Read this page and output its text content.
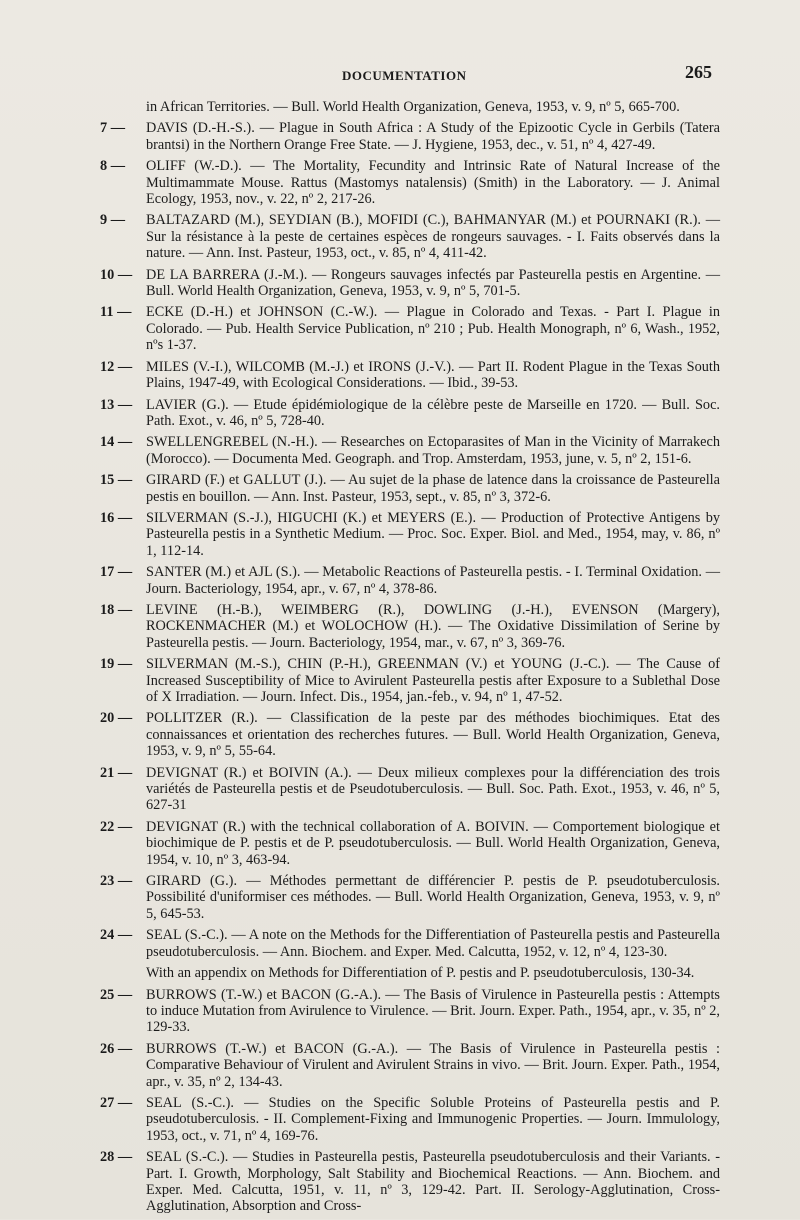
DOCUMENTATION	265
in African Territories. — Bull. World Health Organization, Geneva, 1953, v. 9, nº 5, 665-700.
7 —	DAVIS (D.-H.-S.). — Plague in South Africa : A Study of the Epizootic Cycle in Gerbils (Tatera brantsi) in the Northern Orange Free State. — J. Hygiene, 1953, dec., v. 51, nº 4, 427-49.
8 —	OLIFF (W.-D.). — The Mortality, Fecundity and Intrinsic Rate of Natural Increase of the Multimammate Mouse. Rattus (Mastomys natalensis) (Smith) in the Laboratory. — J. Animal Ecology, 1953, nov., v. 22, nº 2, 217-26.
9 —	BALTAZARD (M.), SEYDIAN (B.), MOFIDI (C.), BAHMANYAR (M.) et POURNAKI (R.). — Sur la résistance à la peste de certaines espèces de rongeurs sauvages. - I. Faits observés dans la nature. — Ann. Inst. Pasteur, 1953, oct., v. 85, nº 4, 411-42.
10 — DE LA BARRERA (J.-M.). — Rongeurs sauvages infectés par Pasteurella pestis en Argentine. — Bull. World Health Organization, Geneva, 1953, v. 9, nº 5, 701-5.
11 —	ECKE (D.-H.) et JOHNSON (C.-W.). — Plague in Colorado and Texas. - Part I. Plague in Colorado. — Pub. Health Service Publication, nº 210 ; Pub. Health Monograph, nº 6, Wash., 1952, nºs 1-37.
12 — MILES (V.-I.), WILCOMB (M.-J.) et IRONS (J.-V.). — Part II. Rodent Plague in the Texas South Plains, 1947-49, with Ecological Considerations. — Ibid., 39-53.
13 — LAVIER (G.). — Etude épidémiologique de la célèbre peste de Marseille en 1720. — Bull. Soc. Path. Exot., v. 46, nº 5, 728-40.
14 — SWELLENGREBEL (N.-H.). — Researches on Ectoparasites of Man in the Vicinity of Marrakech (Morocco). — Documenta Med. Geograph. and Trop. Amsterdam, 1953, june, v. 5, nº 2, 151-6.
15 — GIRARD (F.) et GALLUT (J.). — Au sujet de la phase de latence dans la croissance de Pasteurella pestis en bouillon. — Ann. Inst. Pasteur, 1953, sept., v. 85, nº 3, 372-6.
16 — SILVERMAN (S.-J.), HIGUCHI (K.) et MEYERS (E.). — Production of Protective Antigens by Pasteurella pestis in a Synthetic Medium. — Proc. Soc. Exper. Biol. and Med., 1954, may, v. 86, nº 1, 112-14.
17 — SANTER (M.) et AJL (S.). — Metabolic Reactions of Pasteurella pestis. - I. Terminal Oxidation. — Journ. Bacteriology, 1954, apr., v. 67, nº 4, 378-86.
18 — LEVINE (H.-B.), WEIMBERG (R.), DOWLING (J.-H.), EVENSON (Margery), ROCKENMACHER (M.) et WOLOCHOW (H.). — The Oxidative Dissimilation of Serine by Pasteurella pestis. — Journ. Bacteriology, 1954, mar., v. 67, nº 3, 369-76.
19 — SILVERMAN (M.-S.), CHIN (P.-H.), GREENMAN (V.) et YOUNG (J.-C.). — The Cause of Increased Susceptibility of Mice to Avirulent Pasteurella pestis after Exposure to a Sublethal Dose of X Irradiation. — Journ. Infect. Dis., 1954, jan.-feb., v. 94, nº 1, 47-52.
20 — POLLITZER (R.). — Classification de la peste par des méthodes biochimiques. Etat des connaissances et orientation des recherches futures. — Bull. World Health Organization, Geneva, 1953, v. 9, nº 5, 55-64.
21 — DEVIGNAT (R.) et BOIVIN (A.). — Deux milieux complexes pour la différenciation des trois variétés de Pasteurella pestis et de Pseudotuberculosis. — Bull. Soc. Path. Exot., 1953, v. 46, nº 5, 627-31
22 — DEVIGNAT (R.) with the technical collaboration of A. BOIVIN. — Comportement biologique et biochimique de P. pestis et de P. pseudotuberculosis. — Bull. World Health Organization, Geneva, 1954, v. 10, nº 3, 463-94.
23 — GIRARD (G.). — Méthodes permettant de différencier P. pestis de P. pseudotuberculosis. Possibilité d'uniformiser ces méthodes. — Bull. World Health Organization, Geneva, 1953, v. 9, nº 5, 645-53.
24 — SEAL (S.-C.). — A note on the Methods for the Differentiation of Pasteurella pestis and Pasteurella pseudotuberculosis. — Ann. Biochem. and Exper. Med. Calcutta, 1952, v. 12, nº 4, 123-30.
With an appendix on Methods for Differentiation of P. pestis and P. pseudotuberculosis, 130-34.
25 — BURROWS (T.-W.) et BACON (G.-A.). — The Basis of Virulence in Pasteurella pestis : Attempts to induce Mutation from Avirulence to Virulence. — Brit. Journ. Exper. Path., 1954, apr., v. 35, nº 2, 129-33.
26 — BURROWS (T.-W.) et BACON (G.-A.). — The Basis of Virulence in Pasteurella pestis : Comparative Behaviour of Virulent and Avirulent Strains in vivo. — Brit. Journ. Exper. Path., 1954, apr., v. 35, nº 2, 134-43.
27 — SEAL (S.-C.). — Studies on the Specific Soluble Proteins of Pasteurella pestis and P. pseudotuberculosis. - II. Complement-Fixing and Immunogenic Properties. — Journ. Immulology, 1953, oct., v. 71, nº 4, 169-76.
28 — SEAL (S.-C.). — Studies in Pasteurella pestis, Pasteurella pseudotuberculosis and their Variants. - Part. I. Growth, Morphology, Salt Stability and Biochemical Reactions. — Ann. Biochem. and Exper. Med. Calcutta, 1951, v. 11, nº 3, 129-42. Part. II. Serology-Agglutination, Cross-Agglutination, Absorption and Cross-
